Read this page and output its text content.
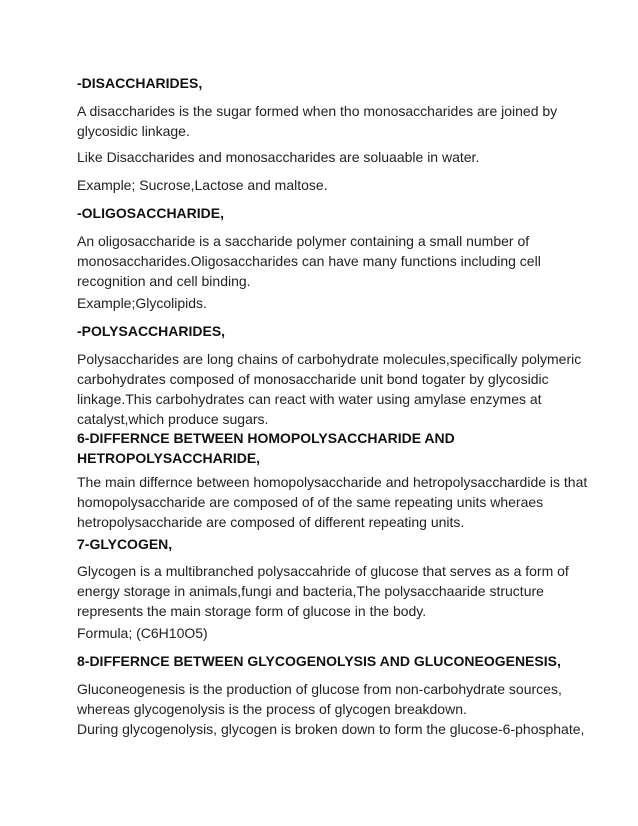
-DISACCHARIDES,
A disaccharides is the sugar formed when tho monosaccharides are joined by
glycosidic linkage.
Like Disaccharides and monosaccharides are soluaable in water.
Example; Sucrose,Lactose and maltose.
-OLIGOSACCHARIDE,
An oligosaccharide is a saccharide polymer containing a small number of
monosaccharides.Oligosaccharides can have many functions including cell
recognition and cell binding.
Example;Glycolipids.
-POLYSACCHARIDES,
Polysaccharides are long chains of carbohydrate molecules,specifically polymeric
carbohydrates composed of monosaccharide unit bond togater by glycosidic
linkage.This carbohydrates can react with water using amylase enzymes at
catalyst,which produce sugars.
6-DIFFERNCE BETWEEN HOMOPOLYSACCHARIDE AND
HETROPOLYSACCHARIDE,
The main differnce between homopolysaccharide and hetropolysacchardide is that
homopolysaccharide are composed of of the same repeating units wheraes
hetropolysaccharide are composed of different repeating units.
7-GLYCOGEN,
Glycogen is a multibranched polysaccahride of glucose that serves as a form of
energy storage in animals,fungi and bacteria,The polysacchaaride structure
represents the main storage form of glucose in the body.
Formula; (C6H10O5)
8-DIFFERNCE BETWEEN GLYCOGENOLYSIS AND GLUCONEOGENESIS,
Gluconeogenesis is the production of glucose from non-carbohydrate sources,
whereas glycogenolysis is the process of glycogen breakdown.
During glycogenolysis, glycogen is broken down to form the glucose-6-phosphate,
